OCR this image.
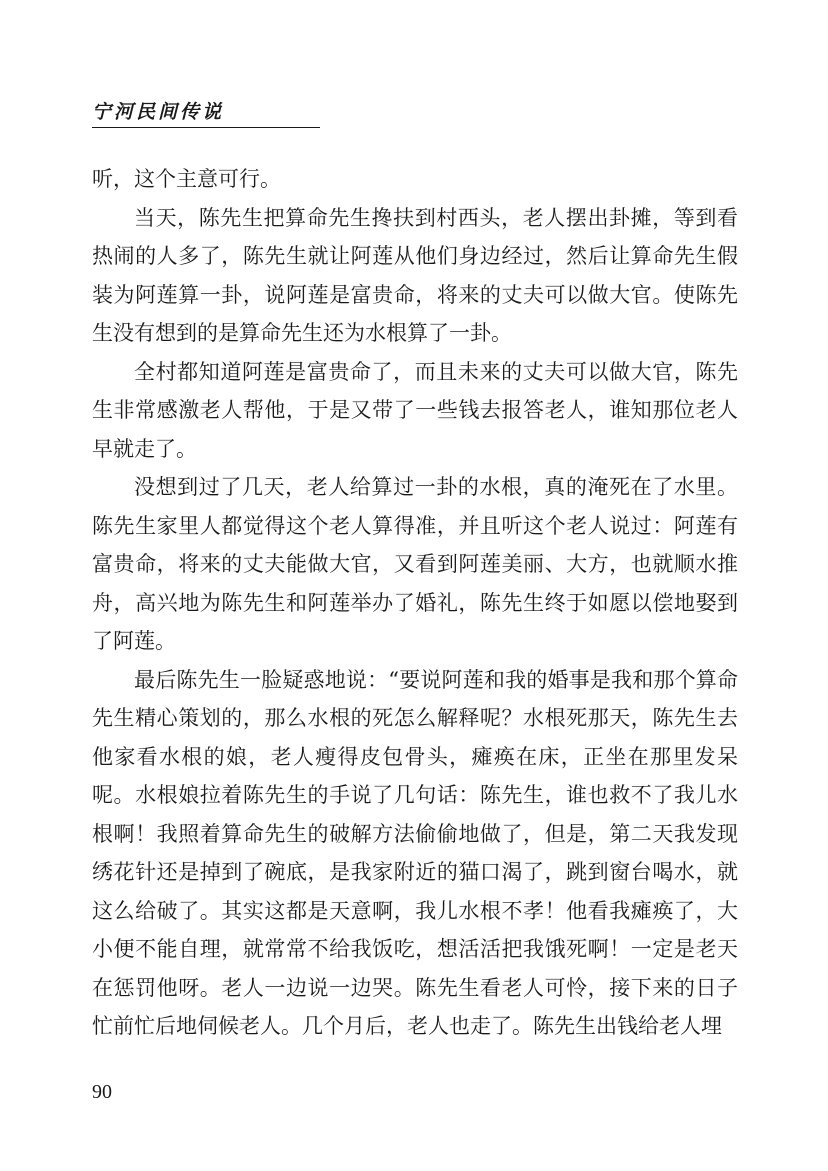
宁河民间传说

听，这个主意可行。

当天，陈先生把算命先生搀扶到村西头，老人摆出卦摊，等到看热闹的人多了，陈先生就让阿莲从他们身边经过，然后让算命先生假装为阿莲算一卦，说阿莲是富贵命，将来的丈夫可以做大官。使陈先生没有想到的是算命先生还为水根算了一卦。

全村都知道阿莲是富贵命了，而且未来的丈夫可以做大官，陈先生非常感激老人帮他，于是又带了一些钱去报答老人，谁知那位老人早就走了。

没想到过了几天，老人给算过一卦的水根，真的淹死在了水里。陈先生家里人都觉得这个老人算得准，并且听这个老人说过：阿莲有富贵命，将来的丈夫能做大官，又看到阿莲美丽、大方，也就顺水推舟，高兴地为陈先生和阿莲举办了婚礼，陈先生终于如愿以偿地娶到了阿莲。

最后陈先生一脸疑惑地说：“要说阿莲和我的婚事是我和那个算命先生精心策划的，那么水根的死怎么解释呢？水根死那天，陈先生去他家看水根的娘，老人瘦得皮包骨头，瘫痪在床，正坐在那里发呆呢。水根娘拉着陈先生的手说了几句话：陈先生，谁也救不了我儿水根啊！我照着算命先生的破解方法偷偷地做了，但是，第二天我发现绣花针还是掉到了碗底，是我家附近的猫口渴了，跳到窗台喝水，就这么给破了。其实这都是天意啊，我儿水根不孝！他看我瘫痪了，大小便不能自理，就常常不给我饭吃，想活活把我饿死啊！一定是老天在惩罚他呀。老人一边说一边哭。陈先生看老人可怜，接下来的日子忙前忙后地伺候老人。几个月后，老人也走了。陈先生出钱给老人埋

90
